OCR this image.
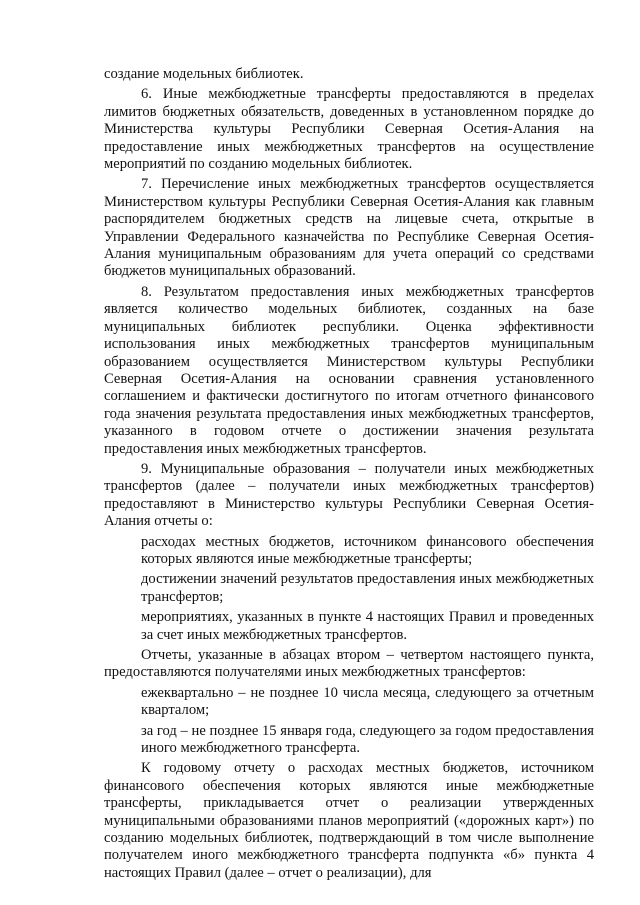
создание модельных библиотек.

6. Иные межбюджетные трансферты предоставляются в пределах лимитов бюджетных обязательств, доведенных в установленном порядке до Министерства культуры Республики Северная Осетия-Алания на предоставление иных межбюджетных трансфертов на осуществление мероприятий по созданию модельных библиотек.

7. Перечисление иных межбюджетных трансфертов осуществляется Министерством культуры Республики Северная Осетия-Алания как главным распорядителем бюджетных средств на лицевые счета, открытые в Управлении Федерального казначейства по Республике Северная Осетия-Алания муниципальным образованиям для учета операций со средствами бюджетов муниципальных образований.

8. Результатом предоставления иных межбюджетных трансфертов является количество модельных библиотек, созданных на базе муниципальных библиотек республики. Оценка эффективности использования иных межбюджетных трансфертов муниципальным образованием осуществляется Министерством культуры Республики Северная Осетия-Алания на основании сравнения установленного соглашением и фактически достигнутого по итогам отчетного финансового года значения результата предоставления иных межбюджетных трансфертов, указанного в годовом отчете о достижении значения результата предоставления иных межбюджетных трансфертов.

9. Муниципальные образования – получатели иных межбюджетных трансфертов (далее – получатели иных межбюджетных трансфертов) предоставляют в Министерство культуры Республики Северная Осетия-Алания отчеты о:

расходах местных бюджетов, источником финансового обеспечения которых являются иные межбюджетные трансферты;

достижении значений результатов предоставления иных межбюджетных трансфертов;

мероприятиях, указанных в пункте 4 настоящих Правил и проведенных за счет иных межбюджетных трансфертов.

Отчеты, указанные в абзацах втором – четвертом настоящего пункта, предоставляются получателями иных межбюджетных трансфертов:

ежеквартально – не позднее 10 числа месяца, следующего за отчетным кварталом;

за год – не позднее 15 января года, следующего за годом предоставления иного межбюджетного трансферта.

К годовому отчету о расходах местных бюджетов, источником финансового обеспечения которых являются иные межбюджетные трансферты, прикладывается отчет о реализации утвержденных муниципальными образованиями планов мероприятий («дорожных карт») по созданию модельных библиотек, подтверждающий в том числе выполнение получателем иного межбюджетного трансферта подпункта «б» пункта 4 настоящих Правил (далее – отчет о реализации), для
